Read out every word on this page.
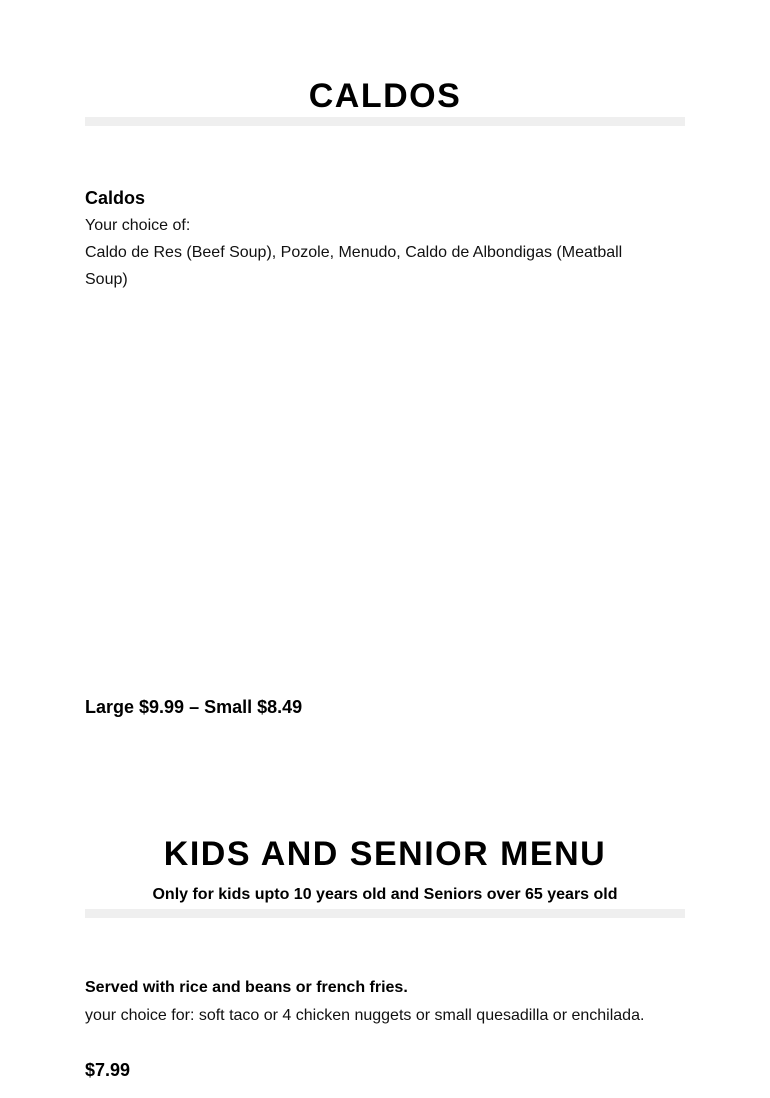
CALDOS
Caldos

Your choice of:

Caldo de Res (Beef Soup), Pozole, Menudo, Caldo de Albondigas (Meatball Soup)

Large $9.99 – Small $8.49

KIDS AND SENIOR MENU

Only for kids upto 10 years old and Seniors over 65 years old

Served with rice and beans or french fries.

your choice for: soft taco or 4 chicken nuggets or small quesadilla or enchilada.

$7.99
